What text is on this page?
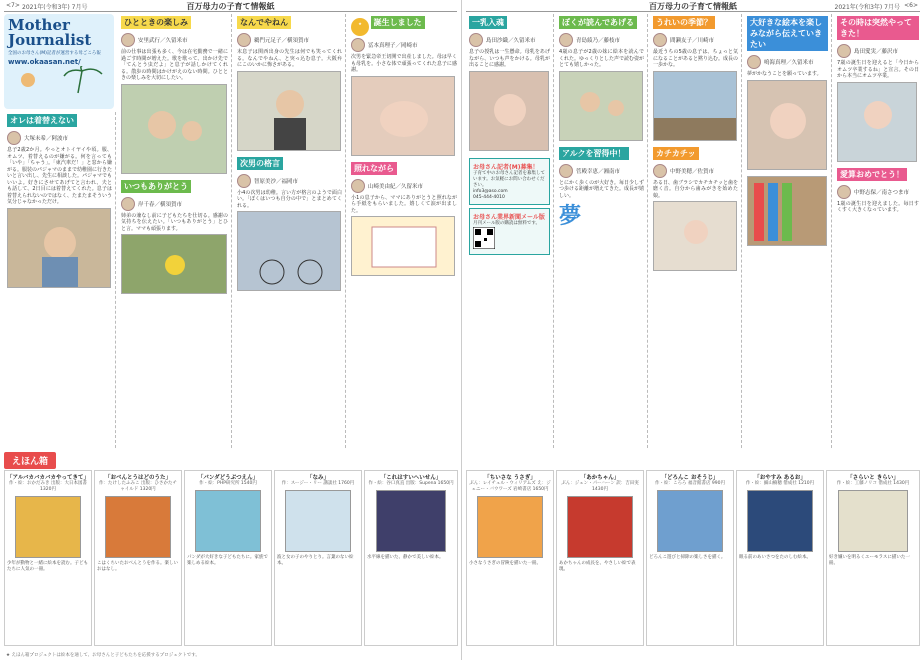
<7> 2021年(令和3年) 7月号	百万母力の子育て情報紙
Mother
Journalist
全国のお母さん(M)記者が運営する母ごころ報
www.okaasan.net/
オレは着替えない
大塚未希／阿波市
息子2歳2か月。やっとオトイヤイや頃。服、オムツ、着替えるのが嫌がる。何を言っても「いや」「ちゃう」。「東汽車だ！」と窓から嫌がる。服装のパジャマのままで幼稚園に行きたいと言い出し、先生に相談した。パジャマでもいいよ。好きにさせてあげてと言われ、夫とも話して、2日目には着替えてくれた。息子は着替えられないのではなく、たまたまそういう気分じゃなかっただけ。
ひとときの楽しみ
安里武行／久留米市
前の仕事は出張も多く、今は在宅勤務で一緒に過ごす時間が増えた。歌を歌って、出かけ先で「てんとう虫だよ」と息子が話しかけてくれる。散歩の時間はかけがえのない時間。ひとときの楽しみを大切にしたい。
いつもありがとう
岸千春／横須賀市
姉弟の兼なし前に子どもたちを仕切る。感謝の気持ちを伝えたい。「いつもありがとう」とひと言。ママも頑張ります。
なんでやねん
鵜門元足子／横須賀市
末息子は関西出身の先生は何でも笑ってくれる。なんでやねん、と突っ込む息子。大阪弁にこのいかに怖さがある。
次男の格言
智原美沙／福岡市
小4の次男は幼稚。言い方が格言のようで面白い。「ぼくはいつも自分の中で」とまとめてくれる。
★ 誕生しました
冨本真理子／岡崎市
次男を緊急帝王切開で出産しました。母は早くも母乳を。小さな体で頑張ってくれた息子に感謝。
照れながら
山崎美由紀／久留米市
小1の息子から、ママにありがとうと照れながら手紙をもらいました。嬉しくて涙が出ました。
えほん箱
「アルバカバカバカやってきて」
作・絵：おかだみき 出版：大日本図書 1320円
少年が動物と一緒に絵本を読む。子どもたちに人気の一冊。
「おべんとうはどのうた」
作：たけしたふみこ 出版：ひさかたチャイルド 1320円
こはくちいたおべんとうを作る。楽しいおはなし。
「パンダどうぶつえん」
作・絵：PHP研究所 1540円
パンダが大好きな子どもたちに。家族で楽しめる絵本。
「なみ」
作：スージー・リー 講談社 1760円
波と女の子のやりとり。言葉のない絵本。
「これはすいへいせん」
作・絵：谷口真直 出版：Supena 1650円
水平線を描いた、静かで美しい絵本。
★ えほん箱プロジェクトは絵本を通して、お母さんと子どもたちを応援するプロジェクトです。
百万母力の子育て情報紙	2021年(令和3年) 7月号 <6>
一乳入魂
島田沙織／久留米市
息子の授乳は一生懸命。母乳をあげながら、いつも声をかける。母乳が出ることに感謝。
お母さん記者(M)募集！
子育て中のお母さん記者を募集しています。お気軽にお問い合わせください。
info3@aso.com
045-444-4010
お母さん業界新聞メール版
月刊メール版の購読は無料です。
ぼくが読んであげる
青島綾乃／藤枝市
4歳の息子が2歳の妹に絵本を読んでくれた。ゆっくりとした声で読む姿がとても嬉しかった。
アルクを習得中！
菅殿幸恵／湘南市
とにかく歩くのが大好き。毎日少しずつ歩ける距離が増えてきた。成長が嬉しい。
夢
うれいの季節？
間瀬友子／川崎市
最近うちの5歳の息子は、ちょっと気になることがあると黙り込む。成長の一歩かな。
カチカチッ
中野美穂／佐賀市
ある日、歯ブラシでカチカチッと歯を磨く音。自分から歯みがきを始めた娘。
大好きな絵本を楽しみながら伝えていきたい
鳴海真理／久留米市
夢がかなうことを願っています。

その時は突然やってきた！
島田愛実／藤沢市
7歳の誕生日を迎えると「今日からオムツ卒業するね」と宣言。その日から本当にオムツ卒業。
愛算おめでとう！
中野志保／南さつま市
1歳の誕生日を迎えました。毎日すくすく大きくなっています。
「ちいさな うさぎ」
ぶん：レイチェル・ウィリアムズ え：ジェニー・バウワーズ 岩崎書店 1650円
小さなうさぎの冒険を描いた一冊。
「あかちゃん」
ぶん：ジェン・パーハーン 訳：吉田実 1430円
あかちゃんの成長を、やさしい絵で表現。
「どろんこ おそうじ」
作・絵：ころろ 福音館書店 990円
どろんこ遊びと掃除の楽しさを描く。
「おやすみ あるお」
作・絵：細山楠穂 偕成社 1210円
眠る前のあいさつをたのしむ絵本。
「さらいと きらい」
作・絵：工藤ノリコ 偕成社 1430円
好き嫌いを明るくユーモラスに描いた一冊。
